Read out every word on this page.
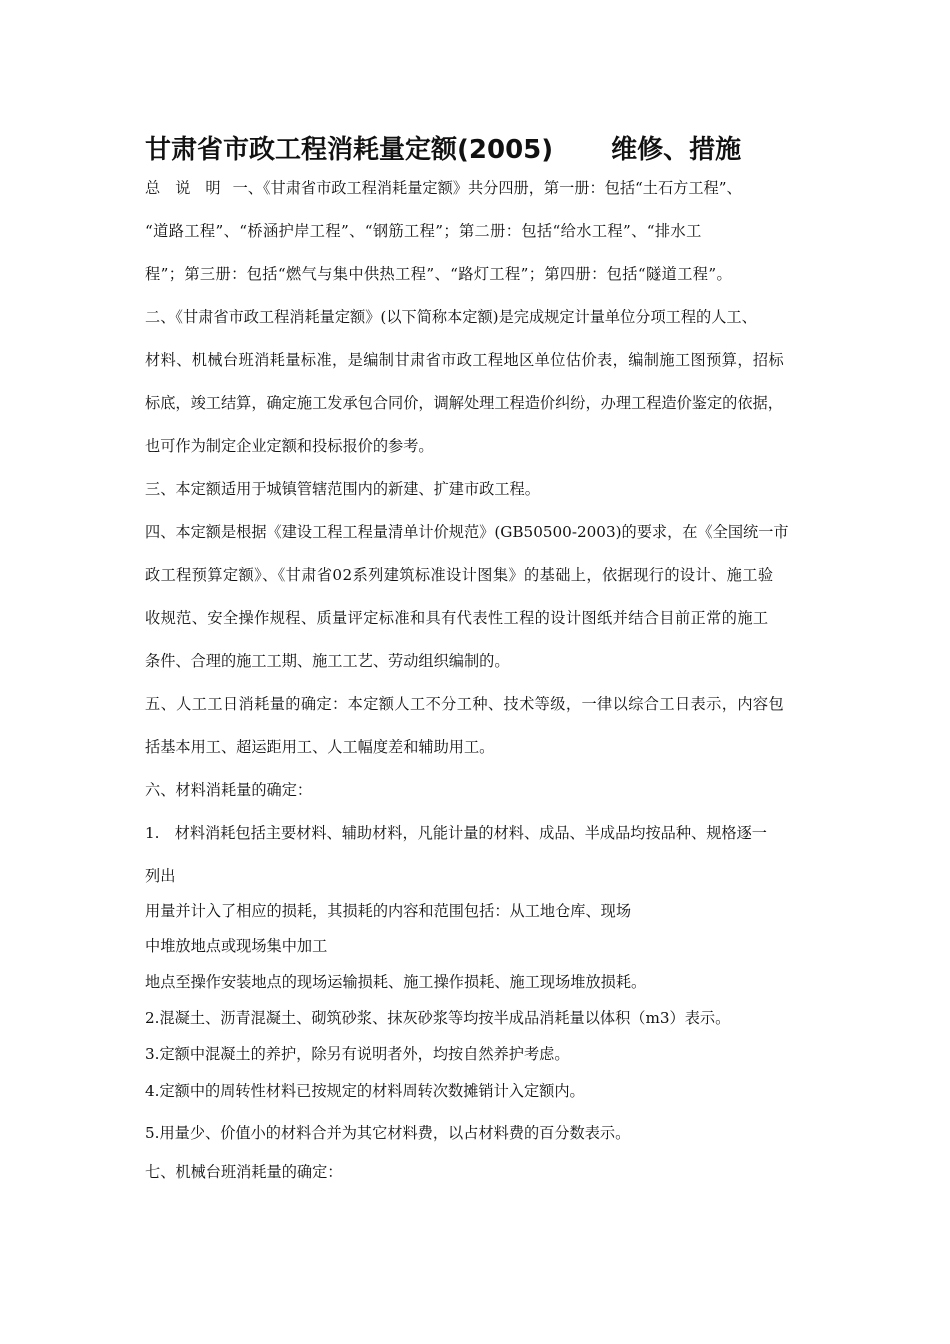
甘肃省市政工程消耗量定额(2005) 维修、措施
总说明一、《甘肃省市政工程消耗量定额》共分四册，第一册：包括“土石方工程”、
“道路工程”、“桥涵护岸工程”、“钢筋工程”；第二册：包括“给水工程”、“排水工
程”；第三册：包括“燃气与集中供热工程”、“路灯工程”；第四册：包括“隧道工程”。
二、《甘肃省市政工程消耗量定额》(以下简称本定额)是完成规定计量单位分项工程的人工、
材料、机械台班消耗量标准，是编制甘肃省市政工程地区单位估价表，编制施工图预算，招标
标底，竣工结算，确定施工发承包合同价，调解处理工程造价纠纷，办理工程造价鉴定的依据，
也可作为制定企业定额和投标报价的参考。
三、本定额适用于城镇管辖范围内的新建、扩建市政工程。
四、本定额是根据《建设工程工程量清单计价规范》(GB50500-2003)的要求，在《全国统一市
政工程预算定额》、《甘肃省02系列建筑标准设计图集》的基础上，依据现行的设计、施工验
收规范、安全操作规程、质量评定标准和具有代表性工程的设计图纸并结合目前正常的施工
条件、合理的施工工期、施工工艺、劳动组织编制的。
五、人工工日消耗量的确定：本定额人工不分工种、技术等级，一律以综合工日表示，内容包
括基本用工、超运距用工、人工幅度差和辅助用工。
六、材料消耗量的确定：
1.　材料消耗包括主要材料、辅助材料，凡能计量的材料、成品、半成品均按品种、规格逐一
列出
用量并计入了相应的损耗，其损耗的内容和范围包括：从工地仓库、现场
中堆放地点或现场集中加工
地点至操作安装地点的现场运输损耗、施工操作损耗、施工现场堆放损耗。
2.混凝土、沥青混凝土、砌筑砂浆、抹灰砂浆等均按半成品消耗量以体积（m3）表示。
3.定额中混凝土的养护，除另有说明者外，均按自然养护考虑。
4.定额中的周转性材料已按规定的材料周转次数摊销计入定额内。
5.用量少、价值小的材料合并为其它材料费，以占材料费的百分数表示。
七、机械台班消耗量的确定：
